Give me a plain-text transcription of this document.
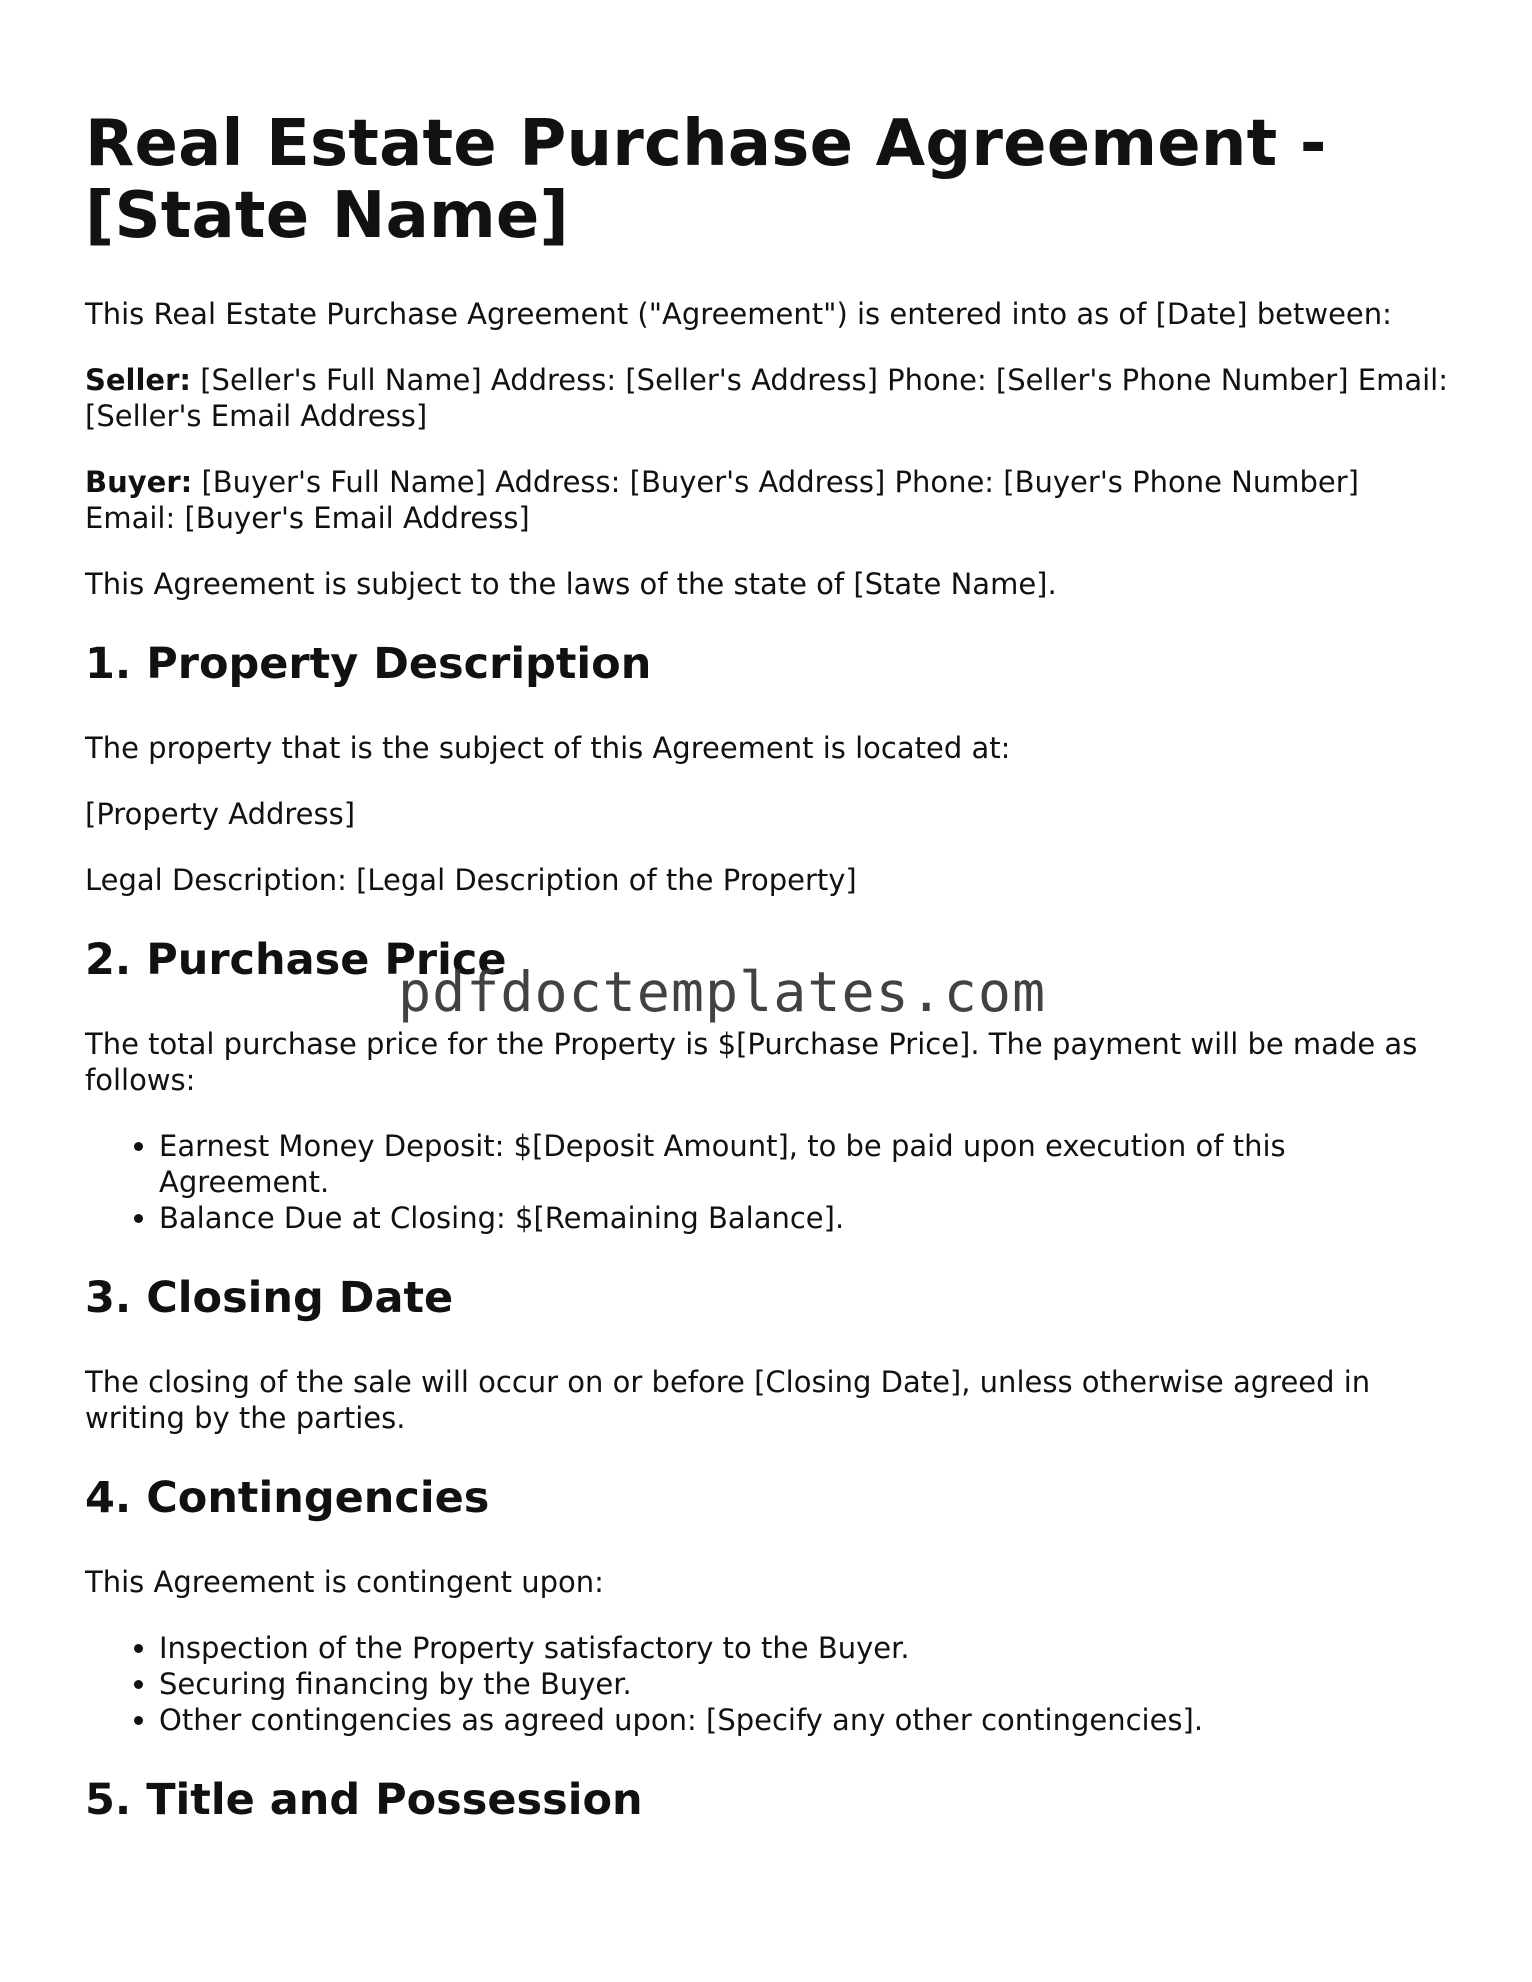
Real Estate Purchase Agreement - [State Name]

This Real Estate Purchase Agreement ("Agreement") is entered into as of [Date] between:

Seller: [Seller's Full Name] Address: [Seller's Address] Phone: [Seller's Phone Number] Email: [Seller's Email Address]

Buyer: [Buyer's Full Name] Address: [Buyer's Address] Phone: [Buyer's Phone Number] Email: [Buyer's Email Address]

This Agreement is subject to the laws of the state of [State Name].

1. Property Description

The property that is the subject of this Agreement is located at:

[Property Address]

Legal Description: [Legal Description of the Property]

2. Purchase Price

The total purchase price for the Property is $[Purchase Price]. The payment will be made as follows:

• Earnest Money Deposit: $[Deposit Amount], to be paid upon execution of this Agreement.
• Balance Due at Closing: $[Remaining Balance].
3. Closing Date

The closing of the sale will occur on or before [Closing Date], unless otherwise agreed in writing by the parties.

4. Contingencies

This Agreement is contingent upon:

• Inspection of the Property satisfactory to the Buyer.
• Securing financing by the Buyer.
• Other contingencies as agreed upon: [Specify any other contingencies].
5. Title and Possession
pdfdoctemplates.com
